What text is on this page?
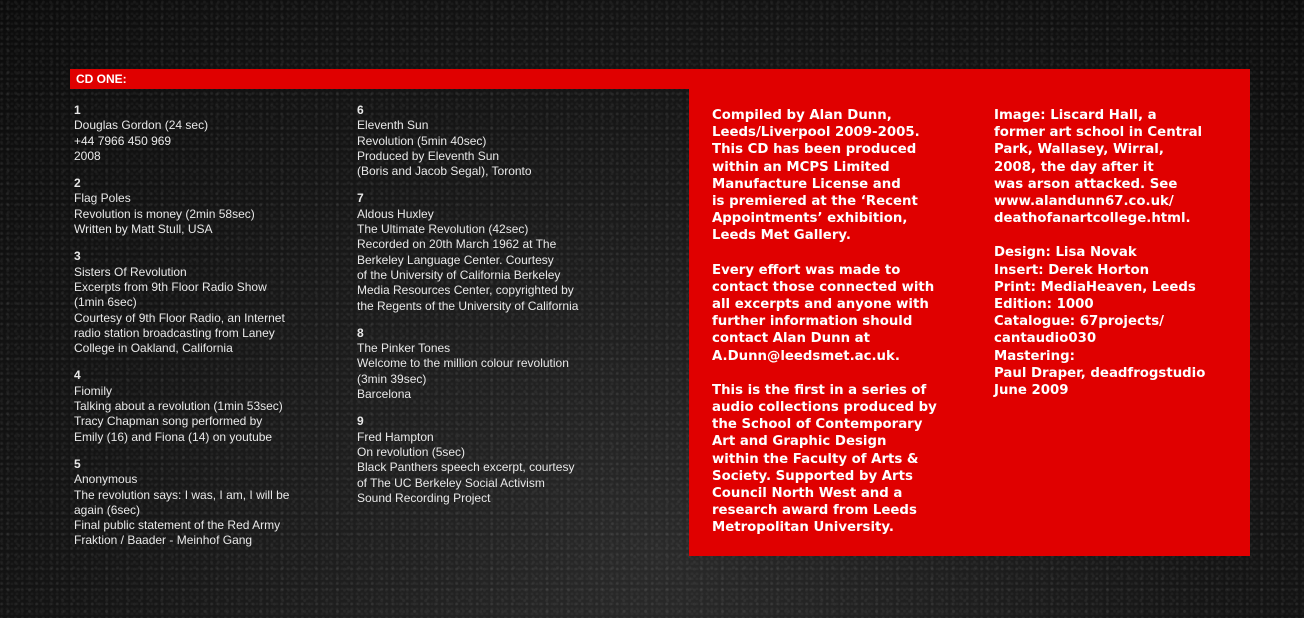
CD ONE:
1
Douglas Gordon (24 sec)
+44 7966 450 969
2008
2
Flag Poles
Revolution is money (2min 58sec)
Written by Matt Stull, USA
3
Sisters Of Revolution
Excerpts from 9th Floor Radio Show
(1min 6sec)
Courtesy of 9th Floor Radio, an Internet
radio station broadcasting from Laney
College in Oakland, California
4
Fiomily
Talking about a revolution (1min 53sec)
Tracy Chapman song performed by
Emily (16) and Fiona (14) on youtube
5
Anonymous
The revolution says: I was, I am, I will be
again (6sec)
Final public statement of the Red Army
Fraktion / Baader - Meinhof Gang
6
Eleventh Sun
Revolution (5min 40sec)
Produced by Eleventh Sun
(Boris and Jacob Segal), Toronto
7
Aldous Huxley
The Ultimate Revolution (42sec)
Recorded on 20th March 1962 at The
Berkeley Language Center. Courtesy
of the University of California Berkeley
Media Resources Center, copyrighted by
the Regents of the University of California
8
The Pinker Tones
Welcome to the million colour revolution
(3min 39sec)
Barcelona
9
Fred Hampton
On revolution (5sec)
Black Panthers speech excerpt, courtesy
of The UC Berkeley Social Activism
Sound Recording Project
Compiled by Alan Dunn,
Leeds/Liverpool 2009-2005.
This CD has been produced
within an MCPS Limited
Manufacture License and
is premiered at the ‘Recent
Appointments’ exhibition,
Leeds Met Gallery.
Every effort was made to
contact those connected with
all excerpts and anyone with
further information should
contact Alan Dunn at
A.Dunn@leedsmet.ac.uk.
This is the first in a series of
audio collections produced by
the School of Contemporary
Art and Graphic Design
within the Faculty of Arts &
Society. Supported by Arts
Council North West and a
research award from Leeds
Metropolitan University.
Image: Liscard Hall, a
former art school in Central
Park, Wallasey, Wirral,
2008, the day after it
was arson attacked. See
www.alandunn67.co.uk/
deathofanartcollege.html.
Design: Lisa Novak
Insert: Derek Horton
Print: MediaHeaven, Leeds
Edition: 1000
Catalogue: 67projects/
cantaudio030
Mastering:
Paul Draper, deadfrogstudio
June 2009
